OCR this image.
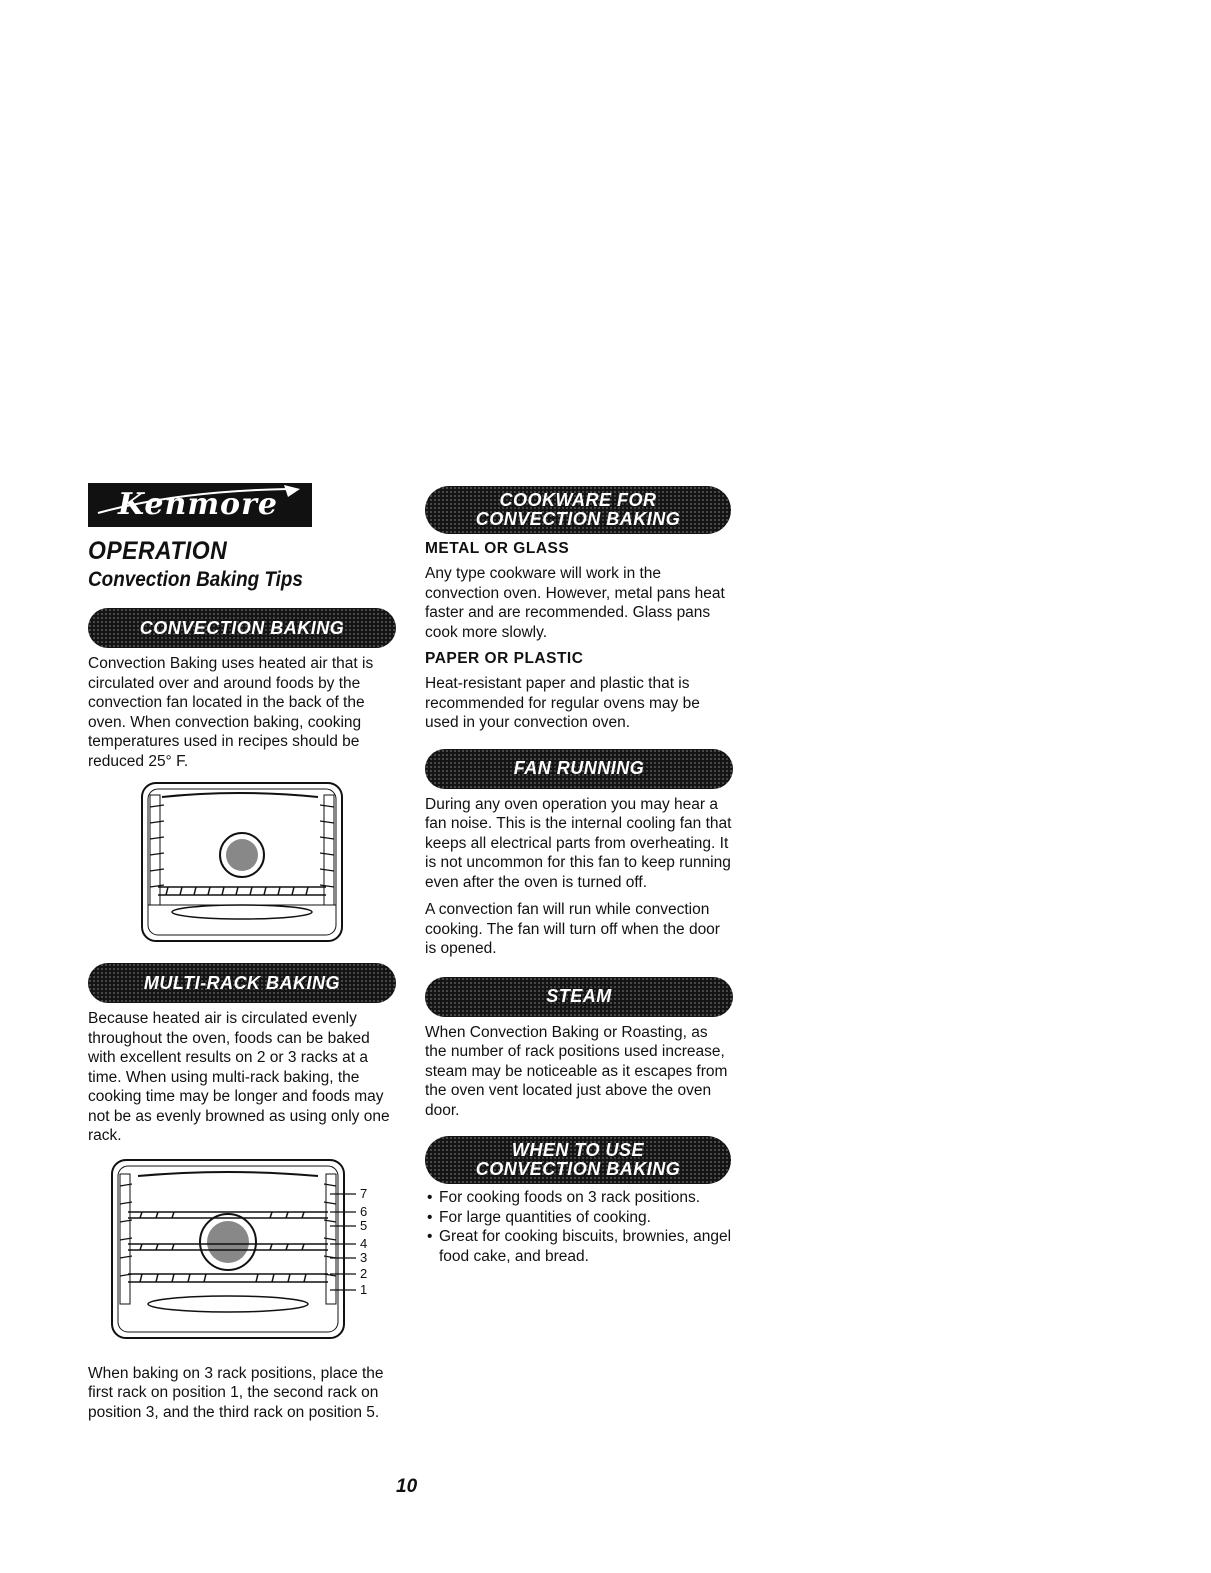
Kenmore
OPERATION
Convection Baking Tips
CONVECTION BAKING

Convection Baking uses heated air that is circulated over and around foods by the convection fan located in the back of the oven. When convection baking, cooking temperatures used in recipes should be reduced 25° F.

MULTI-RACK BAKING

Because heated air is circulated evenly throughout the oven, foods can be baked with excellent results on 2 or 3 racks at a time. When using multi-rack baking, the cooking time may be longer and foods may not be as evenly browned as using only one rack.

7
6
5
4
3
2
1

When baking on 3 rack positions, place the first rack on position 1, the second rack on position 3, and the third rack on position 5.

COOKWARE FOR
CONVECTION BAKING
METAL OR GLASS

Any type cookware will work in the convection oven. However, metal pans heat faster and are recommended. Glass pans cook more slowly.

PAPER OR PLASTIC

Heat-resistant paper and plastic that is recommended for regular ovens may be used in your convection oven.

FAN RUNNING

During any oven operation you may hear a fan noise. This is the internal cooling fan that keeps all electrical parts from overheating. It is not uncommon for this fan to keep running even after the oven is turned off.

A convection fan will run while convection cooking. The fan will turn off when the door is opened.

STEAM

When Convection Baking or Roasting, as the number of rack positions used increase, steam may be noticeable as it escapes from the oven vent located just above the oven door.

WHEN TO USE
CONVECTION BAKING
• For cooking foods on 3 rack positions.
• For large quantities of cooking.
• Great for cooking biscuits, brownies, angel food cake, and bread.
10
